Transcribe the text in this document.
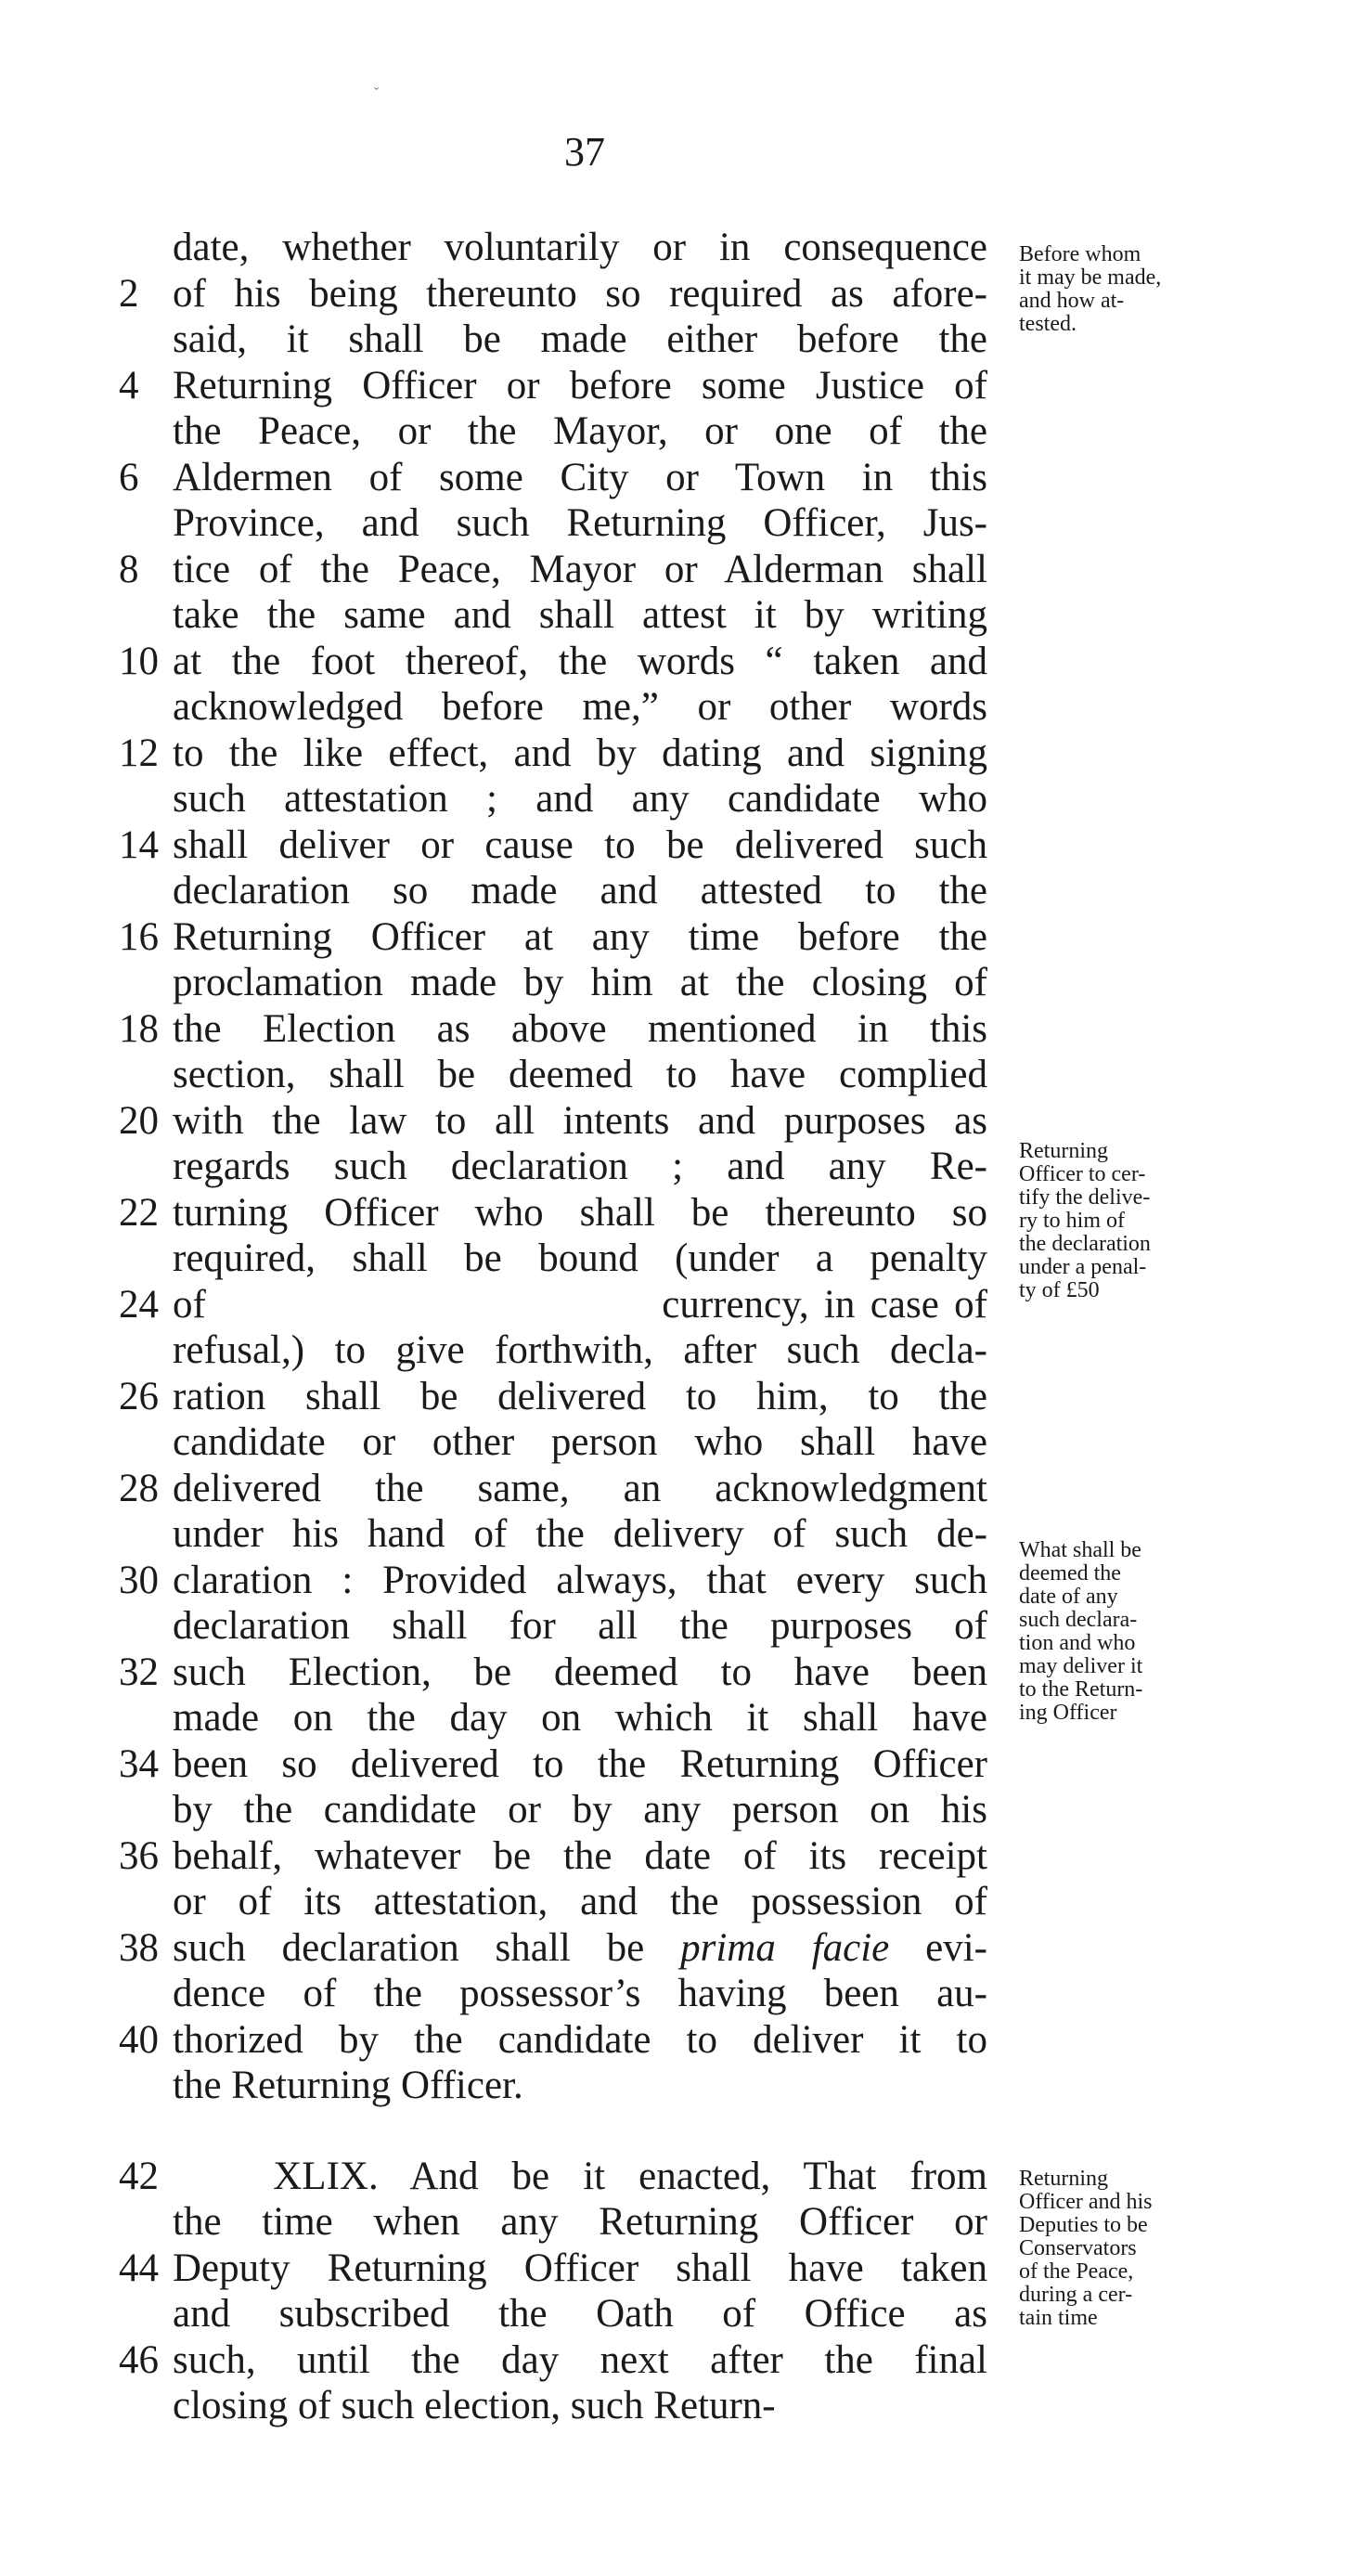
ˇ
37
date, whether voluntarily or in consequence
2 of his being thereunto so required as afore-
said, it shall be made either before the
4 Returning Officer or before some Justice of
the Peace, or the Mayor, or one of the
6 Aldermen of some City or Town in this
Province, and such Returning Officer, Jus-
8 tice of the Peace, Mayor or Alderman shall
take the same and shall attest it by writing
10 at the foot thereof, the words “ taken and
acknowledged before me,” or other words
12 to the like effect, and by dating and signing
such attestation ; and any candidate who
14 shall deliver or cause to be delivered such
declaration so made and attested to the
16 Returning Officer at any time before the
proclamation made by him at the closing of
18 the Election as above mentioned in this
section, shall be deemed to have complied
20 with the law to all intents and purposes as
regards such declaration ; and any Re-
22 turning Officer who shall be thereunto so
required, shall be bound (under a penalty
24 of                              currency, in case of
refusal,) to give forthwith, after such decla-
26 ration shall be delivered to him, to the
candidate or other person who shall have
28 delivered the same, an acknowledgment
under his hand of the delivery of such de-
30 claration : Provided always, that every such
declaration shall for all the purposes of
32 such Election, be deemed to have been
made on the day on which it shall have
34 been so delivered to the Returning Officer
by the candidate or by any person on his
36 behalf, whatever be the date of its receipt
or of its attestation, and the possession of
38 such declaration shall be prima facie evi-
dence of the possessor’s having been au-
40 thorized by the candidate to deliver it to
the Returning Officer.
42 XLIX. And be it enacted, That from
the time when any Returning Officer or
44 Deputy Returning Officer shall have taken
and subscribed the Oath of Office as
46 such, until the day next after the final
closing of such election, such Return-
Before whom
it may be made,
and how at-
tested.
Returning
Officer to cer-
tify the delive-
ry to him of
the declaration
under a penal-
ty of £50
What shall be
deemed the
date of any
such declara-
tion and who
may deliver it
to the Return-
ing Officer
Returning
Officer and his
Deputies to be
Conservators
of the Peace,
during a cer-
tain time
